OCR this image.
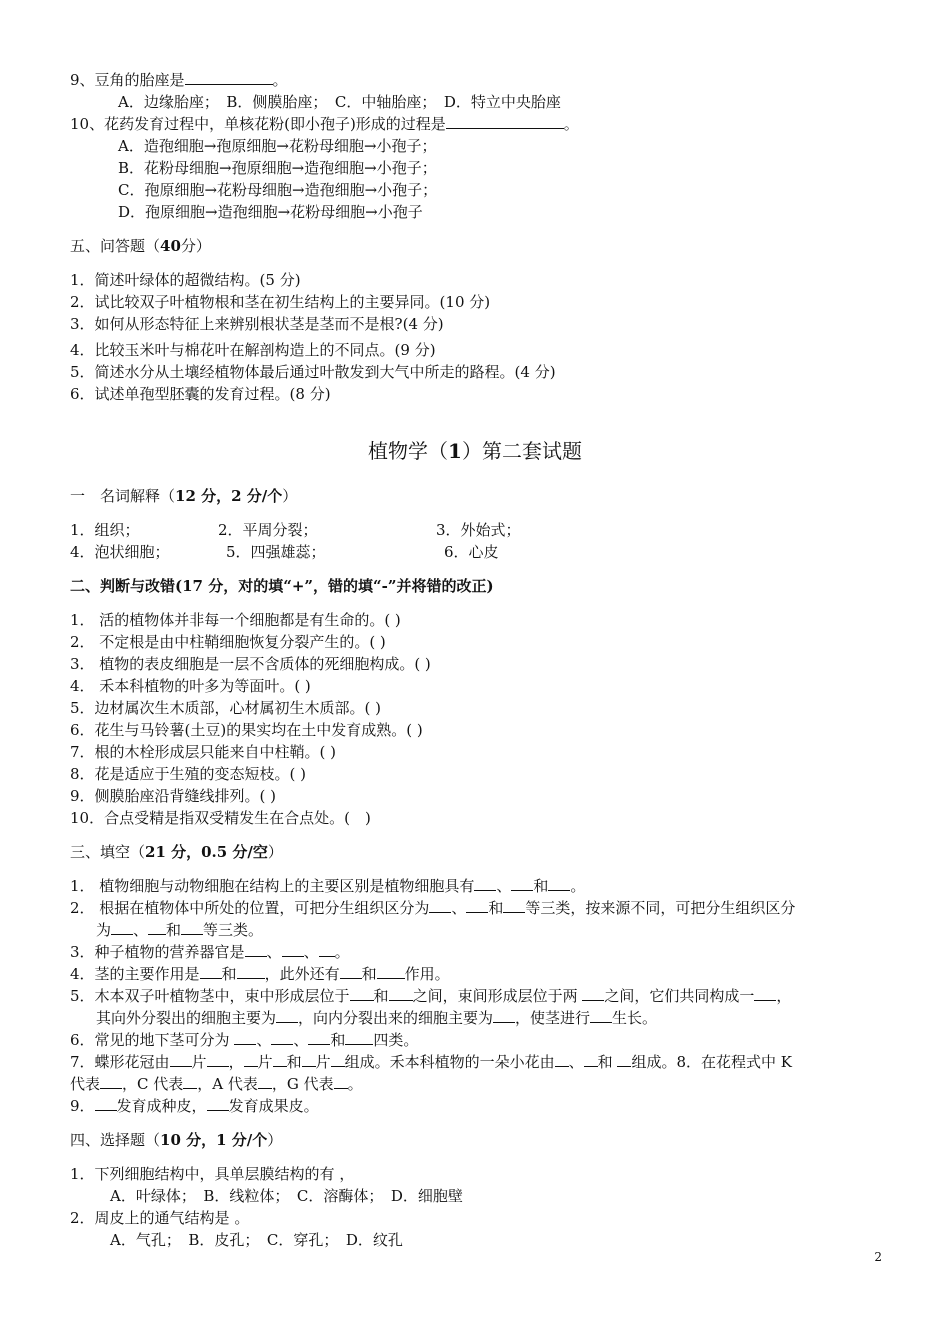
9、豆角的胎座是	。
A．边缘胎座；　B．侧膜胎座；　C．中轴胎座；　D．特立中央胎座
10、花药发育过程中，单核花粉(即小孢子)形成的过程是	。
A．造孢细胞→孢原细胞→花粉母细胞→小孢子；
B．花粉母细胞→孢原细胞→造孢细胞→小孢子；
C．孢原细胞→花粉母细胞→造孢细胞→小孢子；
D．孢原细胞→造孢细胞→花粉母细胞→小孢子
五、问答题（40分）
1．简述叶绿体的超微结构。(5 分)
2．试比较双子叶植物根和茎在初生结构上的主要异同。(10 分)
3．如何从形态特征上来辨别根状茎是茎而不是根?(4 分)
4．比较玉米叶与棉花叶在解剖构造上的不同点。(9 分)
5．简述水分从土壤经植物体最后通过叶散发到大气中所走的路程。(4 分)
6．试述单孢型胚囊的发育过程。(8 分)
植物学（1）第二套试题
一　名词解释（12 分，2 分/个）
1．组织；	2．平周分裂；	3．外始式；
4．泡状细胞；	5．四强雄蕊；	6．心皮
二、判断与改错(17 分，对的填“+”，错的填“-”并将错的改正)
1． 活的植物体并非每一个细胞都是有生命的。( )
2． 不定根是由中柱鞘细胞恢复分裂产生的。( )
3． 植物的表皮细胞是一层不含质体的死细胞构成。( )
4． 禾本科植物的叶多为等面叶。( )
5．边材属次生木质部，心材属初生木质部。( )
6．花生与马铃薯(土豆)的果实均在土中发育成熟。( )
7．根的木栓形成层只能来自中柱鞘。( )
8．花是适应于生殖的变态短枝。( )
9．侧膜胎座沿背缝线排列。( )
10．合点受精是指双受精发生在合点处。(　)
三、填空（21 分，0.5 分/空）
1． 植物细胞与动物细胞在结构上的主要区别是植物细胞具有 、 和 。
2． 根据在植物体中所处的位置，可把分生组织区分为 、 和 等三类，按来源不同，可把分生组织区分
为 、 和 等三类。
3．种子植物的营养器官是 、 、 。
4．茎的主要作用是 和 ，此外还有 和 作用。
5．木本双子叶植物茎中，束中形成层位于 和 之间，束间形成层位于两 之间，它们共同构成一 ，
其向外分裂出的细胞主要为 ，向内分裂出来的细胞主要为 ，使茎进行 生长。
6．常见的地下茎可分为 、 、 和 四类。
7．蝶形花冠由 片 ， 片 和 片 组成。禾本科植物的一朵小花由 、 和 组成。8．在花程式中 K
代表 ，C 代表 ，A 代表 ，G 代表 。
9． 发育成种皮， 发育成果皮。
四、选择题（10 分，1 分/个）
1．下列细胞结构中，具单层膜结构的有 ，
A．叶绿体；　B．线粒体；　C．溶酶体；　D．细胞壁
2．周皮上的通气结构是 。
A．气孔；　B．皮孔；　C．穿孔；　D．纹孔
2
